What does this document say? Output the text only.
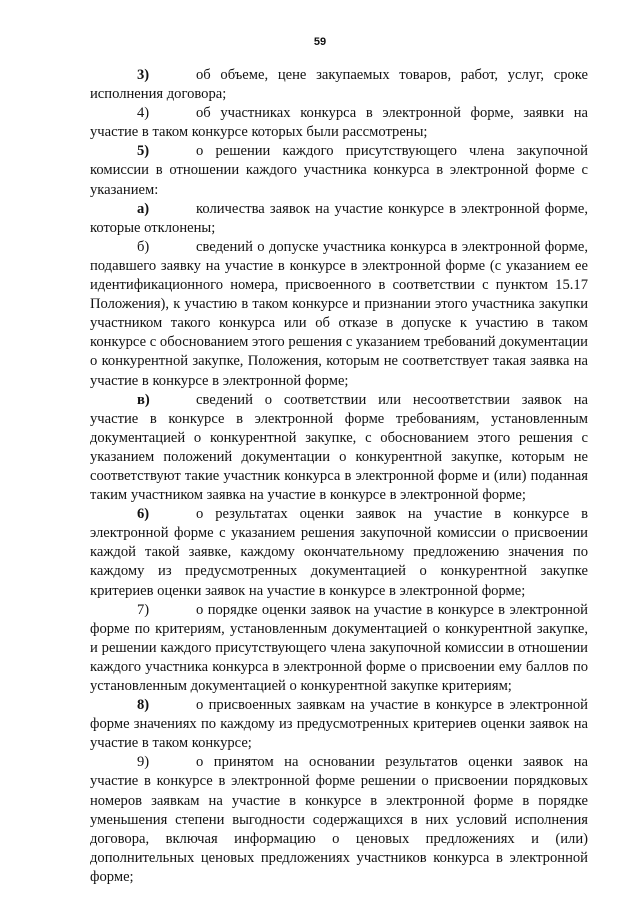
59

3)	об объеме, цене закупаемых товаров, работ, услуг, сроке исполнения договора;

4)	об участниках конкурса в электронной форме, заявки на участие в таком конкурсе которых были рассмотрены;

5)	о решении каждого присутствующего члена закупочной комиссии в отношении каждого участника конкурса в электронной форме с указанием:

а)	количества заявок на участие конкурсе в электронной форме, которые отклонены;

б)	сведений о допуске участника конкурса в электронной форме, подавшего заявку на участие в конкурсе в электронной форме (с указанием ее идентификационного номера, присвоенного в соответствии с пунктом 15.17 Положения), к участию в таком конкурсе и признании этого участника закупки участником такого конкурса или об отказе в допуске к участию в таком конкурсе с обоснованием этого решения с указанием требований документации о конкурентной закупке, Положения, которым не соответствует такая заявка на участие в конкурсе в электронной форме;

в)	сведений о соответствии или несоответствии заявок на участие в конкурсе в электронной форме требованиям, установленным документацией о конкурентной закупке, с обоснованием этого решения с указанием положений документации о конкурентной закупке, которым не соответствуют такие участник конкурса в электронной форме и (или) поданная таким участником заявка на участие в конкурсе в электронной форме;

6)	о результатах оценки заявок на участие в конкурсе в электронной форме с указанием решения закупочной комиссии о присвоении каждой такой заявке, каждому окончательному предложению значения по каждому из предусмотренных документацией о конкурентной закупке критериев оценки заявок на участие в конкурсе в электронной форме;

7)	о порядке оценки заявок на участие в конкурсе в электронной форме по критериям, установленным документацией о конкурентной закупке, и решении каждого присутствующего члена закупочной комиссии в отношении каждого участника конкурса в электронной форме о присвоении ему баллов по установленным документацией о конкурентной закупке критериям;

8)	о присвоенных заявкам на участие в конкурсе в электронной форме значениях по каждому из предусмотренных критериев оценки заявок на участие в таком конкурсе;

9)	о принятом на основании результатов оценки заявок на участие в конкурсе в электронной форме решении о присвоении порядковых номеров заявкам на участие в конкурсе в электронной форме в порядке уменьшения степени выгодности содержащихся в них условий исполнения договора, включая информацию о ценовых предложениях и (или) дополнительных ценовых предложениях участников конкурса в электронной форме;
